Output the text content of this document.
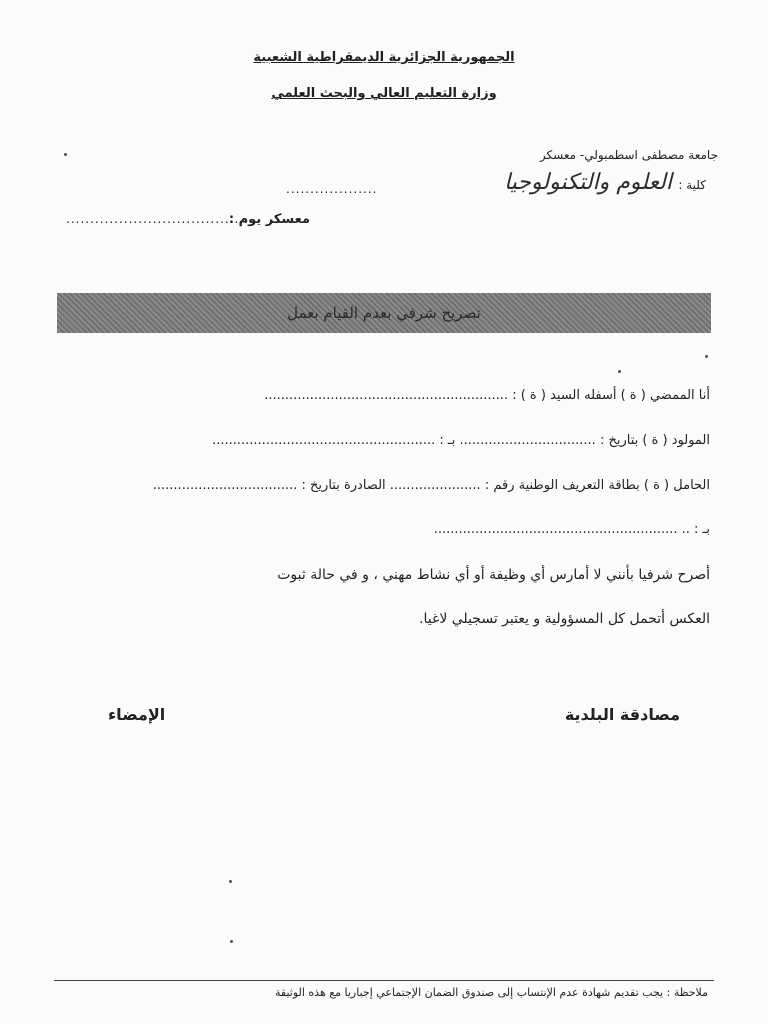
الجمهورية الجزائرية الديمقراطية الشعبية
وزارة التعليم العالي والبحث العلمي
جامعة مصطفى اسطمبولي- معسكر
كلية :
العلوم والتكنولوجيا
...................
معسكر يوم :
......................................
تصريح شرفي بعدم القيام بعمل
أنا الممضي ( ة ) أسفله السيد ( ة ) : ...........................................................
المولود ( ة ) بتاريخ : ................................. بـ : ......................................................
الحامل ( ة ) بطاقة التعريف الوطنية رقم : ...................... الصادرة بتاريخ : ...................................
بـ : .. ...........................................................
أصرح شرفيا بأنني لا أمارس أي وظيفة أو أي نشاط مهني ، و في حالة ثبوت
العكس أتحمل كل المسؤولية و يعتبر تسجيلي لاغيا.
مصادقة البلدية
الإمضاء
ملاحظة : يجب تقديم شهادة عدم الإنتساب إلى صندوق الضمان الإجتماعي إجباريا مع هذه الوثيقة
